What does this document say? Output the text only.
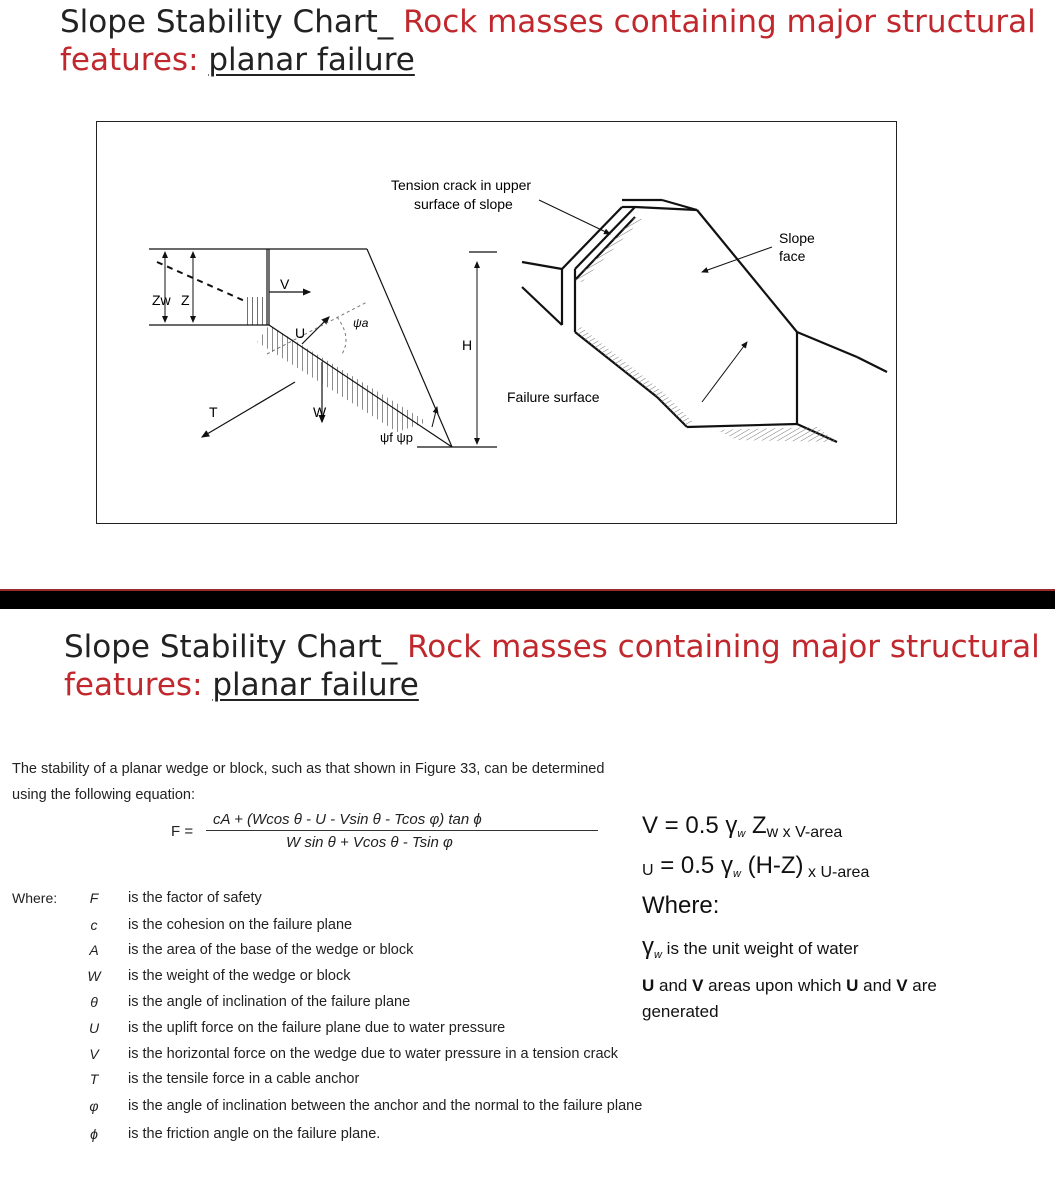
Slope Stability Chart_ Rock masses containing major structural
features: planar failure
Zw Z
V
U
ψa
H
T	W
ψf ψp
Tension crack in upper
surface of slope
Failure surface
Slope
face
Slope Stability Chart_ Rock masses containing major structural
features: planar failure
The stability of a planar wedge or block, such as that shown in Figure 33, can be determined
using the following equation:
F =
cA + (Wcos θ - U - Vsin θ - Tcos φ) tan ϕ
W sin θ + Vcos θ - Tsin φ
Where:	F	is the factor of safety
c	is the cohesion on the failure plane
A	is the area of the base of the wedge or block
W is the weight of the wedge or block
θ	is the angle of inclination of the failure plane
U	is the uplift force on the failure plane due to water pressure
V	is the horizontal force on the wedge due to water pressure in a tension crack
T	is the tensile force in a cable anchor
φ	is the angle of inclination between the anchor and the normal to the failure plane
ϕ	is the friction angle on the failure plane.
V = 0.5 $\gamma_w$ Zw x V-area
U = 0.5 $\gamma_w$ (H-Z) x U-area
Where:
$\gamma_w$ is the unit weight of water
U and V areas upon which U and V are
generated
